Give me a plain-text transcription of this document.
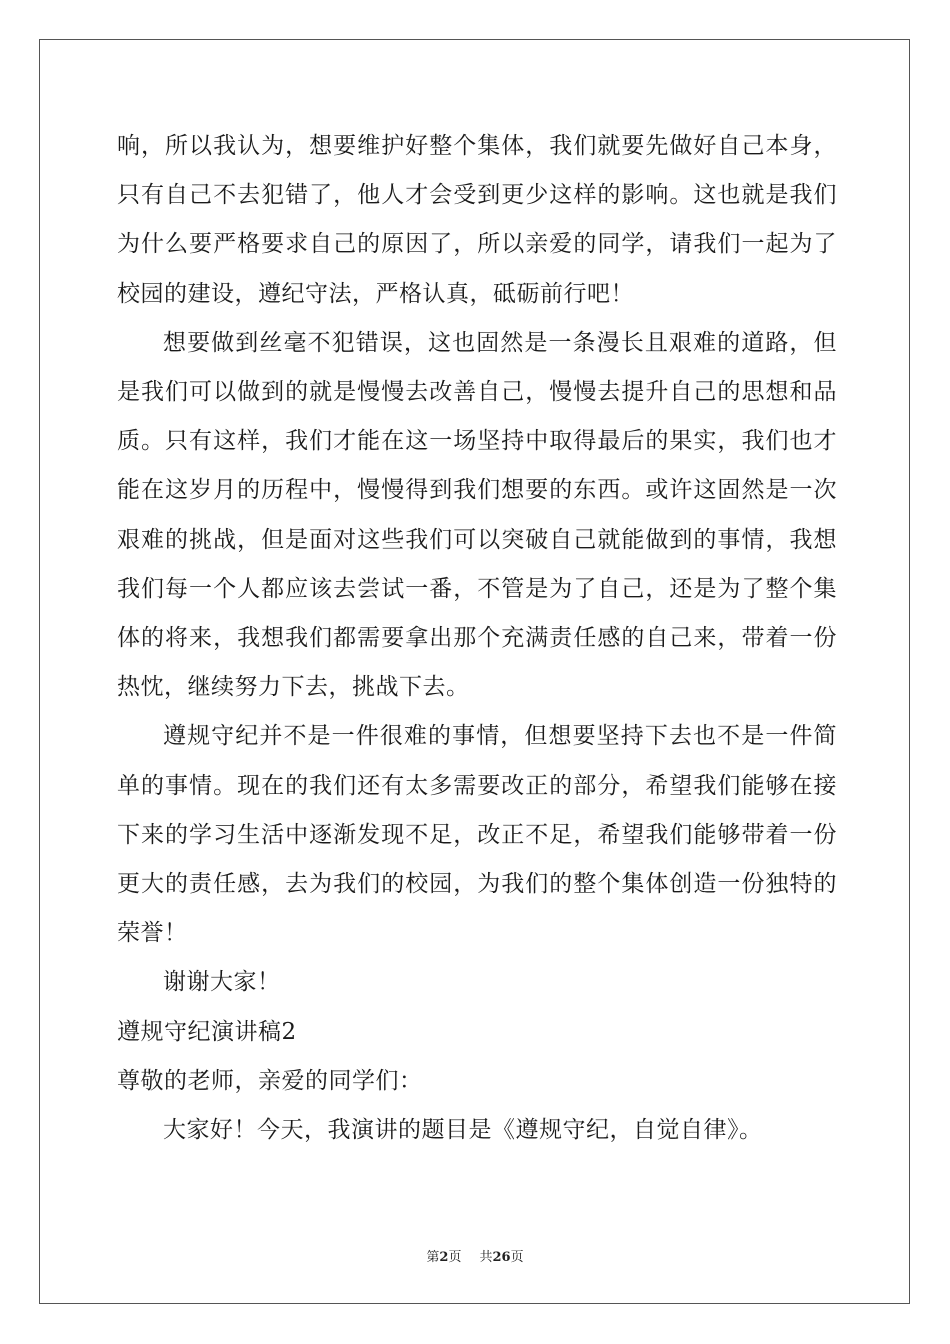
响，所以我认为，想要维护好整个集体，我们就要先做好自己本身，只有自己不去犯错了，他人才会受到更少这样的影响。这也就是我们为什么要严格要求自己的原因了，所以亲爱的同学，请我们一起为了校园的建设，遵纪守法，严格认真，砥砺前行吧！

想要做到丝毫不犯错误，这也固然是一条漫长且艰难的道路，但是我们可以做到的就是慢慢去改善自己，慢慢去提升自己的思想和品质。只有这样，我们才能在这一场坚持中取得最后的果实，我们也才能在这岁月的历程中，慢慢得到我们想要的东西。或许这固然是一次艰难的挑战，但是面对这些我们可以突破自己就能做到的事情，我想我们每一个人都应该去尝试一番，不管是为了自己，还是为了整个集体的将来，我想我们都需要拿出那个充满责任感的自己来，带着一份热忱，继续努力下去，挑战下去。

遵规守纪并不是一件很难的事情，但想要坚持下去也不是一件简单的事情。现在的我们还有太多需要改正的部分，希望我们能够在接下来的学习生活中逐渐发现不足，改正不足，希望我们能够带着一份更大的责任感，去为我们的校园，为我们的整个集体创造一份独特的荣誉！

谢谢大家！

遵规守纪演讲稿2

尊敬的老师，亲爱的同学们：

大家好！今天，我演讲的题目是《遵规守纪，自觉自律》。

第2页 共26页
